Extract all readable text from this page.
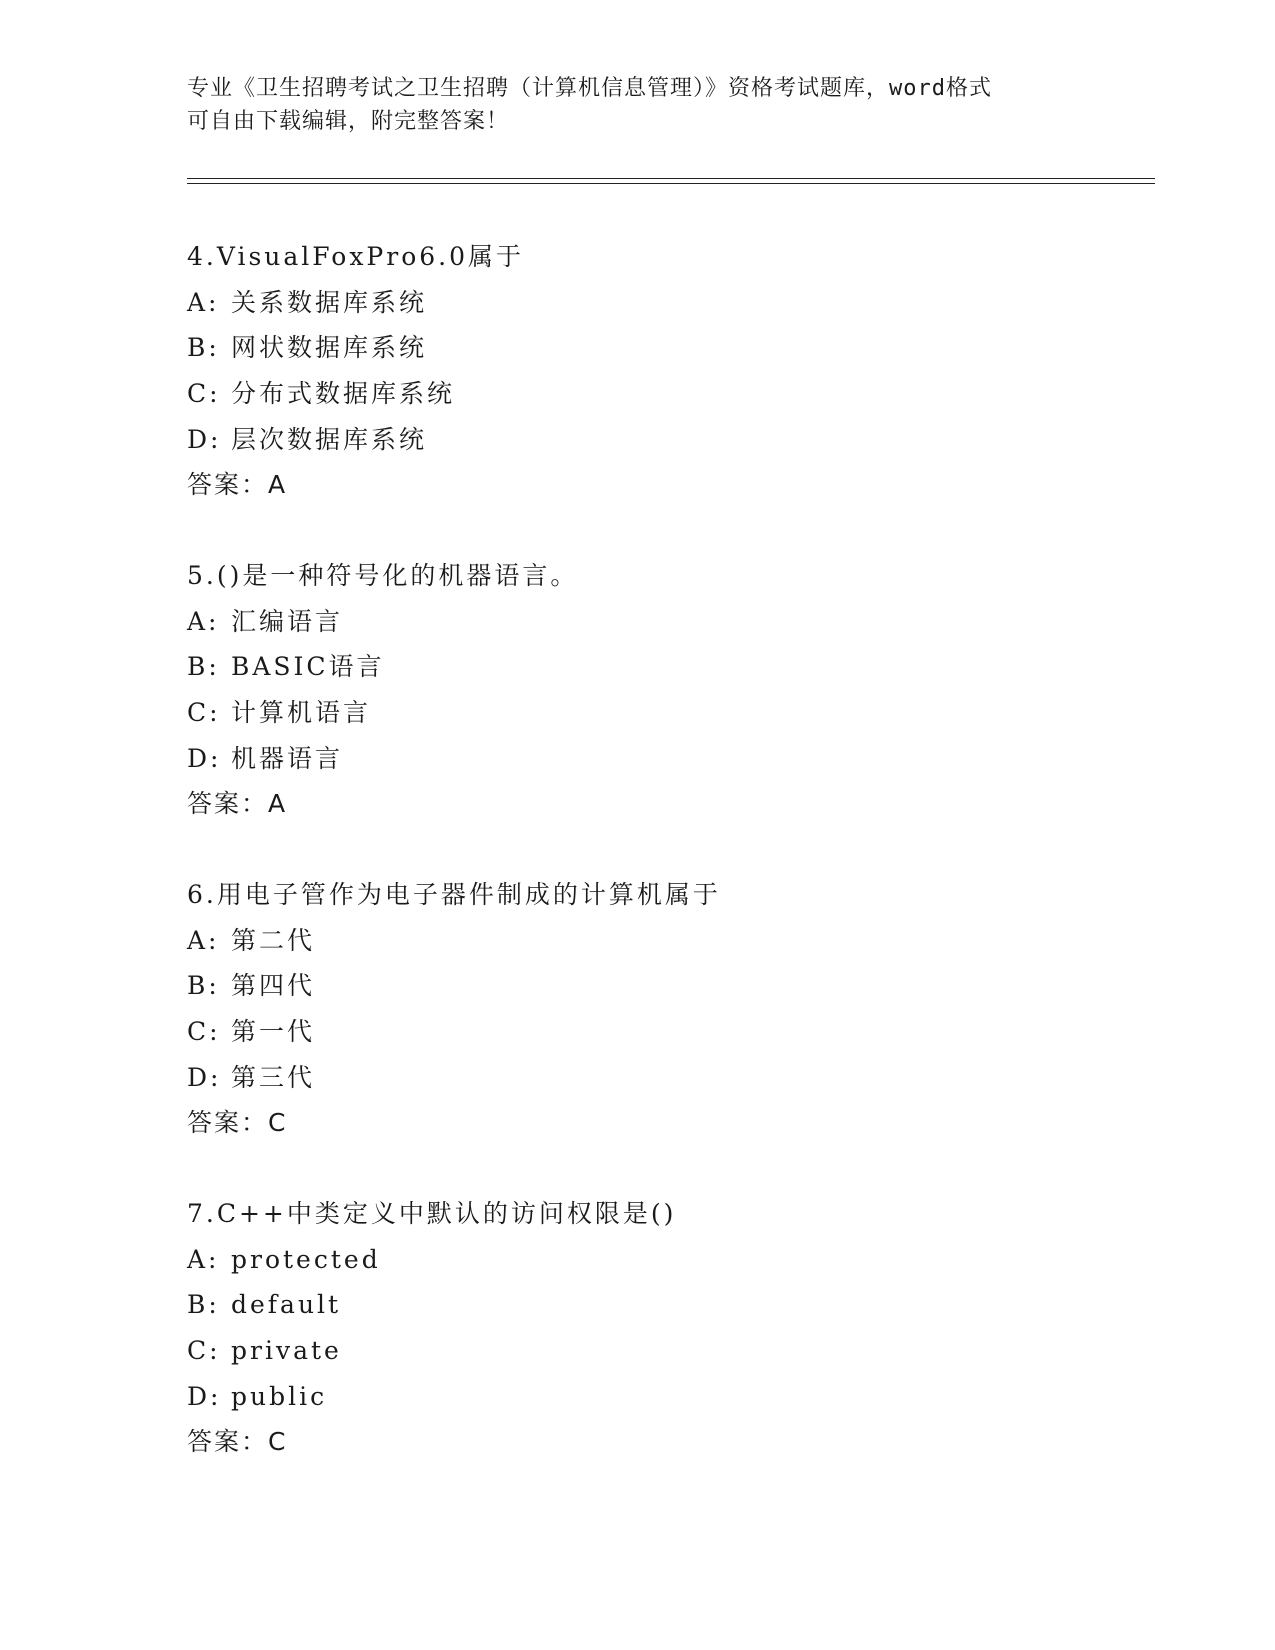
专业《卫生招聘考试之卫生招聘（计算机信息管理）》资格考试题库，word格式
可自由下载编辑，附完整答案！
4.VisualFoxPro6.0属于
A: 关系数据库系统
B: 网状数据库系统
C: 分布式数据库系统
D: 层次数据库系统
答案：A
5.()是一种符号化的机器语言。
A: 汇编语言
B: BASIC语言
C: 计算机语言
D: 机器语言
答案：A
6.用电子管作为电子器件制成的计算机属于
A: 第二代
B: 第四代
C: 第一代
D: 第三代
答案：C
7.C++中类定义中默认的访问权限是()
A: protected
B: default
C: private
D: public
答案：C
